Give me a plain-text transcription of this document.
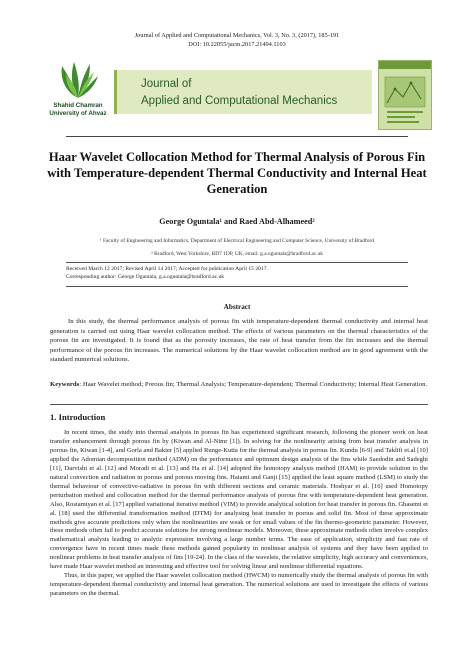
Journal of Applied and Computational Mechanics, Vol. 3, No. 3, (2017), 185-191
DOI: 10.22055/jacm.2017.21494.1103
Shahid Chamran
University of Ahvaz
Journal of
Applied and Computational Mechanics
Haar Wavelet Collocation Method for Thermal Analysis of Porous Fin with Temperature-dependent Thermal Conductivity and Internal Heat Generation
George Oguntala¹ and Raed Abd-Alhameed²
¹ Faculty of Engineering and Informatics, Department of Electrical Engineering and Computer Science, University of Bradford
² Bradford, West Yorkshire, BD7 1DP, UK, email: g.a.oguntala@bradford.ac.uk
Received March 12 2017; Revised April 14 2017; Accepted for publication April 15 2017.
Corresponding author: George Oguntala, g.a.oguntala@bradford.ac.uk
Abstract
In this study, the thermal performance analysis of porous fin with temperature-dependent thermal conductivity and internal heat generation is carried out using Haar wavelet collocation method. The effects of various parameters on the thermal characteristics of the porous fin are investigated. It is found that as the porosity increases, the rate of heat transfer from the fin increases and the thermal performance of the porous fin increases. The numerical solutions by the Haar wavelet collocation method are in good agreement with the standard numerical solutions.
Keywords: Haar Wavelet method; Porous fin; Thermal Analysis; Temperature-dependent; Thermal Conductivity; Internal Heat Generation.
1. Introduction

In recent times, the study into thermal analysis in porous fin has experienced significant research, following the pioneer work on heat transfer enhancement through porous fin by (Kiwan and Al-Nimr [1]). In solving for the nonlinearity arising from heat transfer analysis in porous fin, Kiwan [1-4], and Gorla and Bakier [5] applied Runge-Kutta for the thermal analysis in porous fin. Kundu [6-9] and Taklifi et.al [10] applied the Adomian decomposition method (ADM) on the performance and optimum design analysis of the fins while Saedodin and Sadeghi [11], Darvishi et al. [12] and Moradi et al. [13] and Ha et al. [14] adopted the homotopy analysis method (HAM) to provide solution to the natural convection and radiation in porous and porous moving fins. Hatami and Ganji [15] applied the least square method (LSM) to study the thermal behaviour of convective-radiative in porous fin with different sections and ceramic materials. Hoshyar et al. [16] used Homotopy perturbation method and collocation method for the thermal performance analysis of porous fins with temperature-dependent heat generation. Also, Rostamiyan et al. [17] applied variational iterative method (VIM) to provide analytical solution for heat transfer in porous fin. Ghasemi et al. [18] used the differential transformation method (DTM) for analysing heat transfer in porous and solid fin. Most of these approximate methods give accurate predictions only when the nonlinearities are weak or for small values of the fin thermo-geometric parameter. However, these methods often fail to predict accurate solutions for strong nonlinear models. Moreover, these approximate methods often involve complex mathematical analysis leading to analytic expression involving a large number terms. The ease of application, simplicity and fast rate of convergence have in recent times made these methods gained popularity in nonlinear analysis of systems and they have been applied to nonlinear problems in heat transfer analysis of fins [19-24]. In the class of the wavelets, the relative simplicity, high accuracy and conveniences, have made Haar wavelet method an interesting and effective tool for solving linear and nonlinear differential equations.

Thus, in this paper, we applied the Haar wavelet collocation method (HWCM) to numerically study the thermal analysis of porous fin with temperature-dependent thermal conductivity and internal heat generation. The numerical solutions are used to investigate the effects of various parameters on the thermal.
